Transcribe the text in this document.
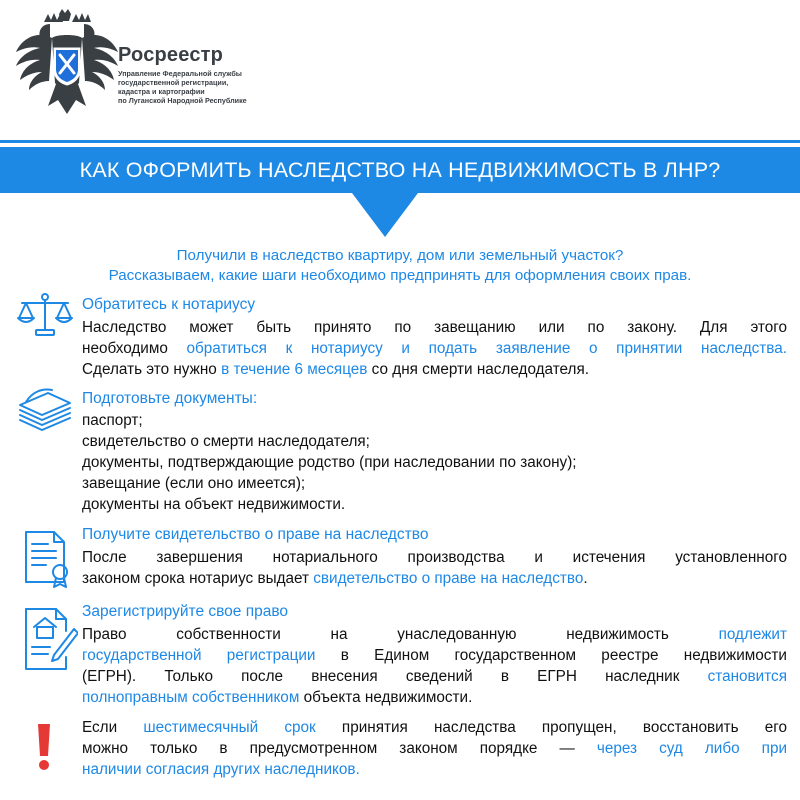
Росреестр
Управление Федеральной службы
государственной регистрации,
кадастра и картографии
по Луганской Народной Республике
КАК ОФОРМИТЬ НАСЛЕДСТВО НА НЕДВИЖИМОСТЬ В ЛНР?
Получили в наследство квартиру, дом или земельный участок?
Рассказываем, какие шаги необходимо предпринять для оформления своих прав.
Обратитесь к нотариусу
Наследство может быть принято по завещанию или по закону. Для этого
необходимо обратиться к нотариусу и подать заявление о принятии наследства.
Сделать это нужно в течение 6 месяцев со дня смерти наследодателя.
Подготовьте документы:
паспорт;
свидетельство о смерти наследодателя;
документы, подтверждающие родство (при наследовании по закону);
завещание (если оно имеется);
документы на объект недвижимости.
Получите свидетельство о праве на наследство
После завершения нотариального производства и истечения установленного
законом срока нотариус выдает свидетельство о праве на наследство.
Зарегистрируйте свое право
Право собственности на унаследованную недвижимость подлежит
государственной регистрации в Едином государственном реестре недвижимости
(ЕГРН). Только после внесения сведений в ЕГРН наследник становится
полноправным собственником объекта недвижимости.
Если шестимесячный срок принятия наследства пропущен, восстановить его
можно только в предусмотренном законом порядке — через суд либо при
наличии согласия других наследников.
